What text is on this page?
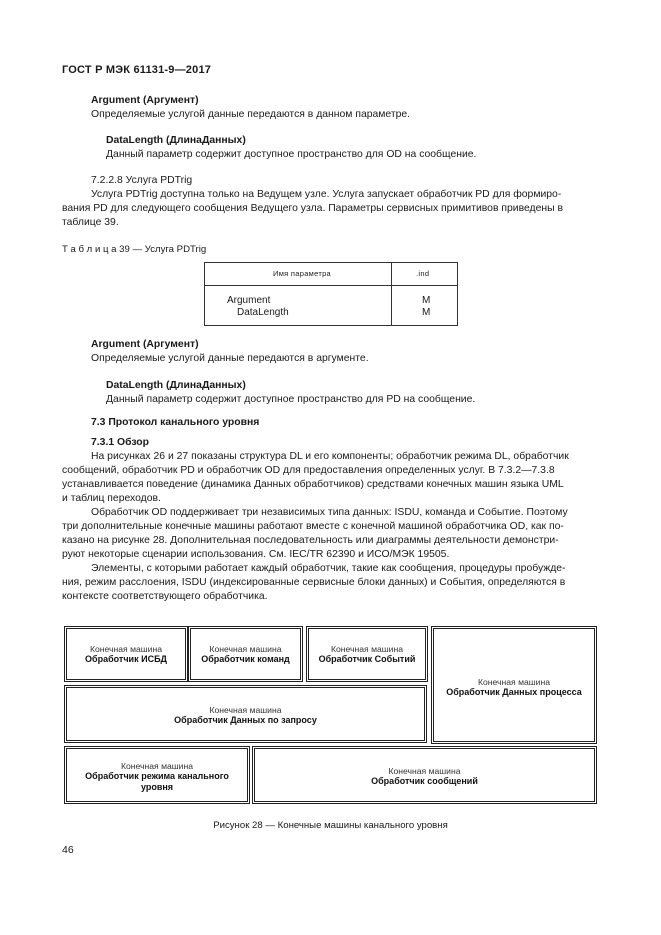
ГОСТ Р МЭК 61131-9—2017
Argument (Аргумент)
Определяемые услугой данные передаются в данном параметре.
DataLength (ДлинаДанных)
Данный параметр содержит доступное пространство для OD на сообщение.
7.2.2.8 Услуга PDTrig
Услуга PDTrig доступна только на Ведущем узле. Услуга запускает обработчик PD для формиро-
вания PD для следующего сообщения Ведущего узла. Параметры сервисных примитивов приведены в
таблице 39.
Т а б л и ц а 39 — Услуга PDTrig
Имя параметра	.ind
Argument	M
DataLength	M
Argument (Аргумент)
Определяемые услугой данные передаются в аргументе.
DataLength (ДлинаДанных)
Данный параметр содержит доступное пространство для PD на сообщение.
7.3 Протокол канального уровня
7.3.1 Обзор
На рисунках 26 и 27 показаны структура DL и его компоненты; обработчик режима DL, обработчик
сообщений, обработчик PD и обработчик OD для предоставления определенных услуг. В 7.3.2—7.3.8
устанавливается поведение (динамика Данных обработчиков) средствами конечных машин языка UML
и таблиц переходов.
Обработчик OD поддерживает три независимых типа данных: ISDU, команда и Событие. Поэтому
три дополнительные конечные машины работают вместе с конечной машиной обработчика OD, как по-
казано на рисунке 28. Дополнительная последовательность или диаграммы деятельности демонстри-
руют некоторые сценарии использования. См. IEC/TR 62390 и ИСО/МЭК 19505.
Элементы, с которыми работает каждый обработчик, такие как сообщения, процедуры пробужде-
ния, режим расслоения, ISDU (индексированные сервисные блоки данных) и События, определяются в
контексте соответствующего обработчика.
Конечная машина
Обработчик ИСБД
Конечная машина
Обработчик команд
Конечная машина
Обработчик Событий
Конечная машина
Обработчик Данных процесса
Конечная машина
Обработчик Данных по запросу
Конечная машина
Обработчик режима канального
уровня
Конечная машина
Обработчик сообщений
Рисунок 28 — Конечные машины канального уровня
46
